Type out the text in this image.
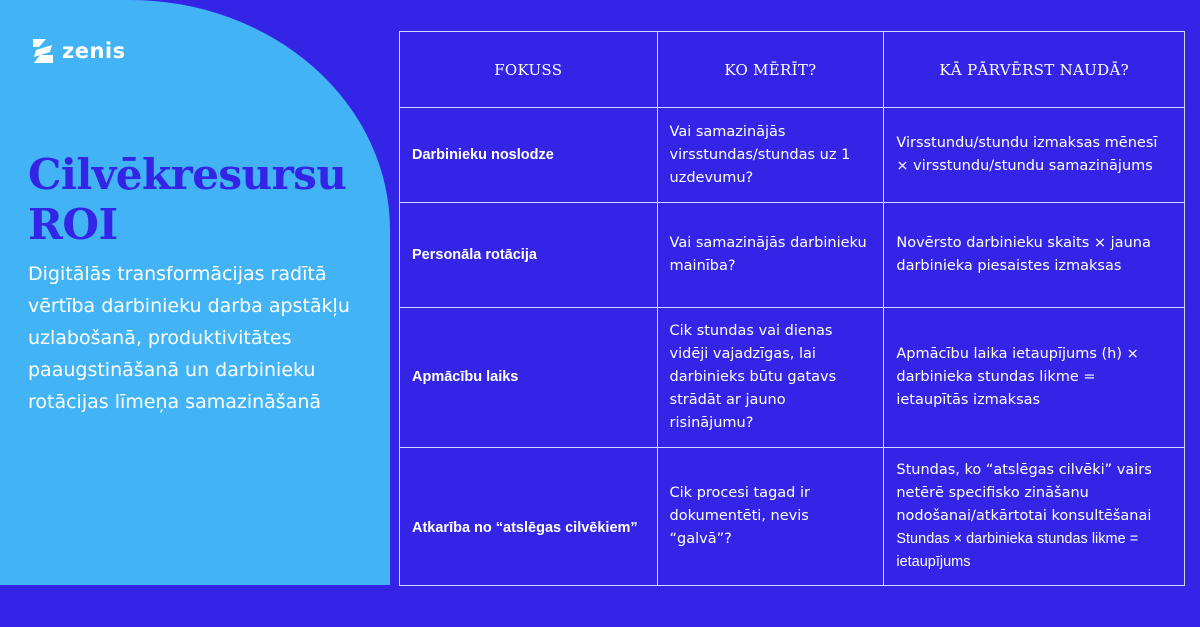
zenis
Cilvēkresursu ROI

Digitālās transformācijas radītā vērtība darbinieku darba apstākļu uzlabošanā, produktivitātes paaugstināšanā un darbinieku rotācijas līmeņa samazināšanā

FOKUSS	KO MĒRĪT?	KĀ PĀRVĒRST NAUDĀ?
Darbinieku noslodze	Vai samazinājās virsstundas/stundas uz 1 uzdevumu?	Virsstundu/stundu izmaksas mēnesī × virsstundu/stundu samazinājums
Personāla rotācija	Vai samazinājās darbinieku mainība?	Novērsto darbinieku skaits × jauna darbinieka piesaistes izmaksas
Apmācību laiks	Cik stundas vai dienas vidēji vajadzīgas, lai darbinieks būtu gatavs strādāt ar jauno risinājumu?	Apmācību laika ietaupījums (h) × darbinieka stundas likme = ietaupītās izmaksas
Atkarība no “atslēgas cilvēkiem”	Cik procesi tagad ir dokumentēti, nevis “galvā”?	Stundas, ko “atslēgas cilvēki” vairs netērē specifisko zināšanu nodošanai/atkārtotai konsultēšanai
Stundas × darbinieka stundas likme = ietaupījums
